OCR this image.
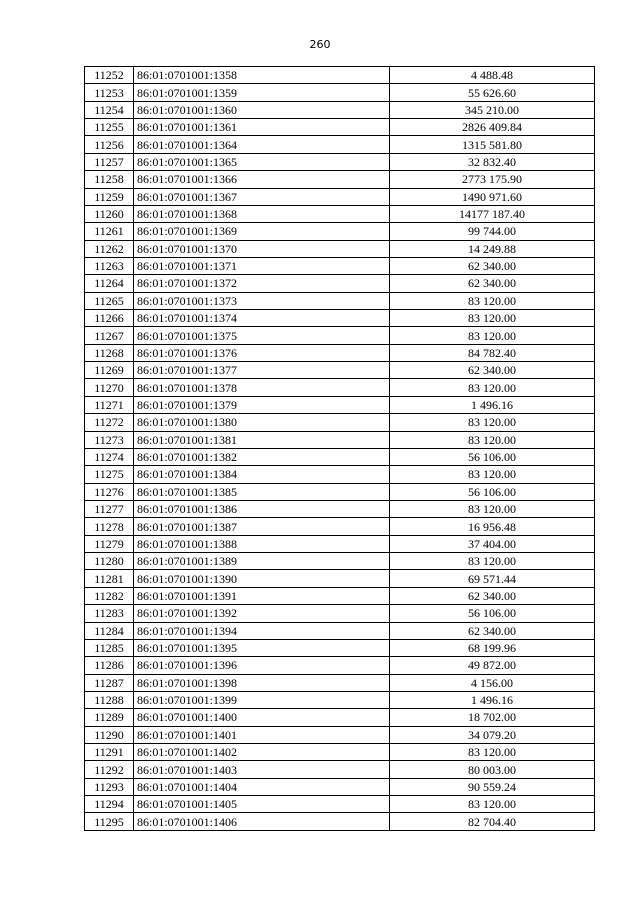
260
11252	86:01:0701001:1358	4 488.48
11253	86:01:0701001:1359	55 626.60
11254	86:01:0701001:1360	345 210.00
11255	86:01:0701001:1361	2826 409.84
11256	86:01:0701001:1364	1315 581.80
11257	86:01:0701001:1365	32 832.40
11258	86:01:0701001:1366	2773 175.90
11259	86:01:0701001:1367	1490 971.60
11260	86:01:0701001:1368	14177 187.40
11261	86:01:0701001:1369	99 744.00
11262	86:01:0701001:1370	14 249.88
11263	86:01:0701001:1371	62 340.00
11264	86:01:0701001:1372	62 340.00
11265	86:01:0701001:1373	83 120.00
11266	86:01:0701001:1374	83 120.00
11267	86:01:0701001:1375	83 120.00
11268	86:01:0701001:1376	84 782.40
11269	86:01:0701001:1377	62 340.00
11270	86:01:0701001:1378	83 120.00
11271	86:01:0701001:1379	1 496.16
11272	86:01:0701001:1380	83 120.00
11273	86:01:0701001:1381	83 120.00
11274	86:01:0701001:1382	56 106.00
11275	86:01:0701001:1384	83 120.00
11276	86:01:0701001:1385	56 106.00
11277	86:01:0701001:1386	83 120.00
11278	86:01:0701001:1387	16 956.48
11279	86:01:0701001:1388	37 404.00
11280	86:01:0701001:1389	83 120.00
11281	86:01:0701001:1390	69 571.44
11282	86:01:0701001:1391	62 340.00
11283	86:01:0701001:1392	56 106.00
11284	86:01:0701001:1394	62 340.00
11285	86:01:0701001:1395	68 199.96
11286	86:01:0701001:1396	49 872.00
11287	86:01:0701001:1398	4 156.00
11288	86:01:0701001:1399	1 496.16
11289	86:01:0701001:1400	18 702.00
11290	86:01:0701001:1401	34 079.20
11291	86:01:0701001:1402	83 120.00
11292	86:01:0701001:1403	80 003.00
11293	86:01:0701001:1404	90 559.24
11294	86:01:0701001:1405	83 120.00
11295	86:01:0701001:1406	82 704.40
